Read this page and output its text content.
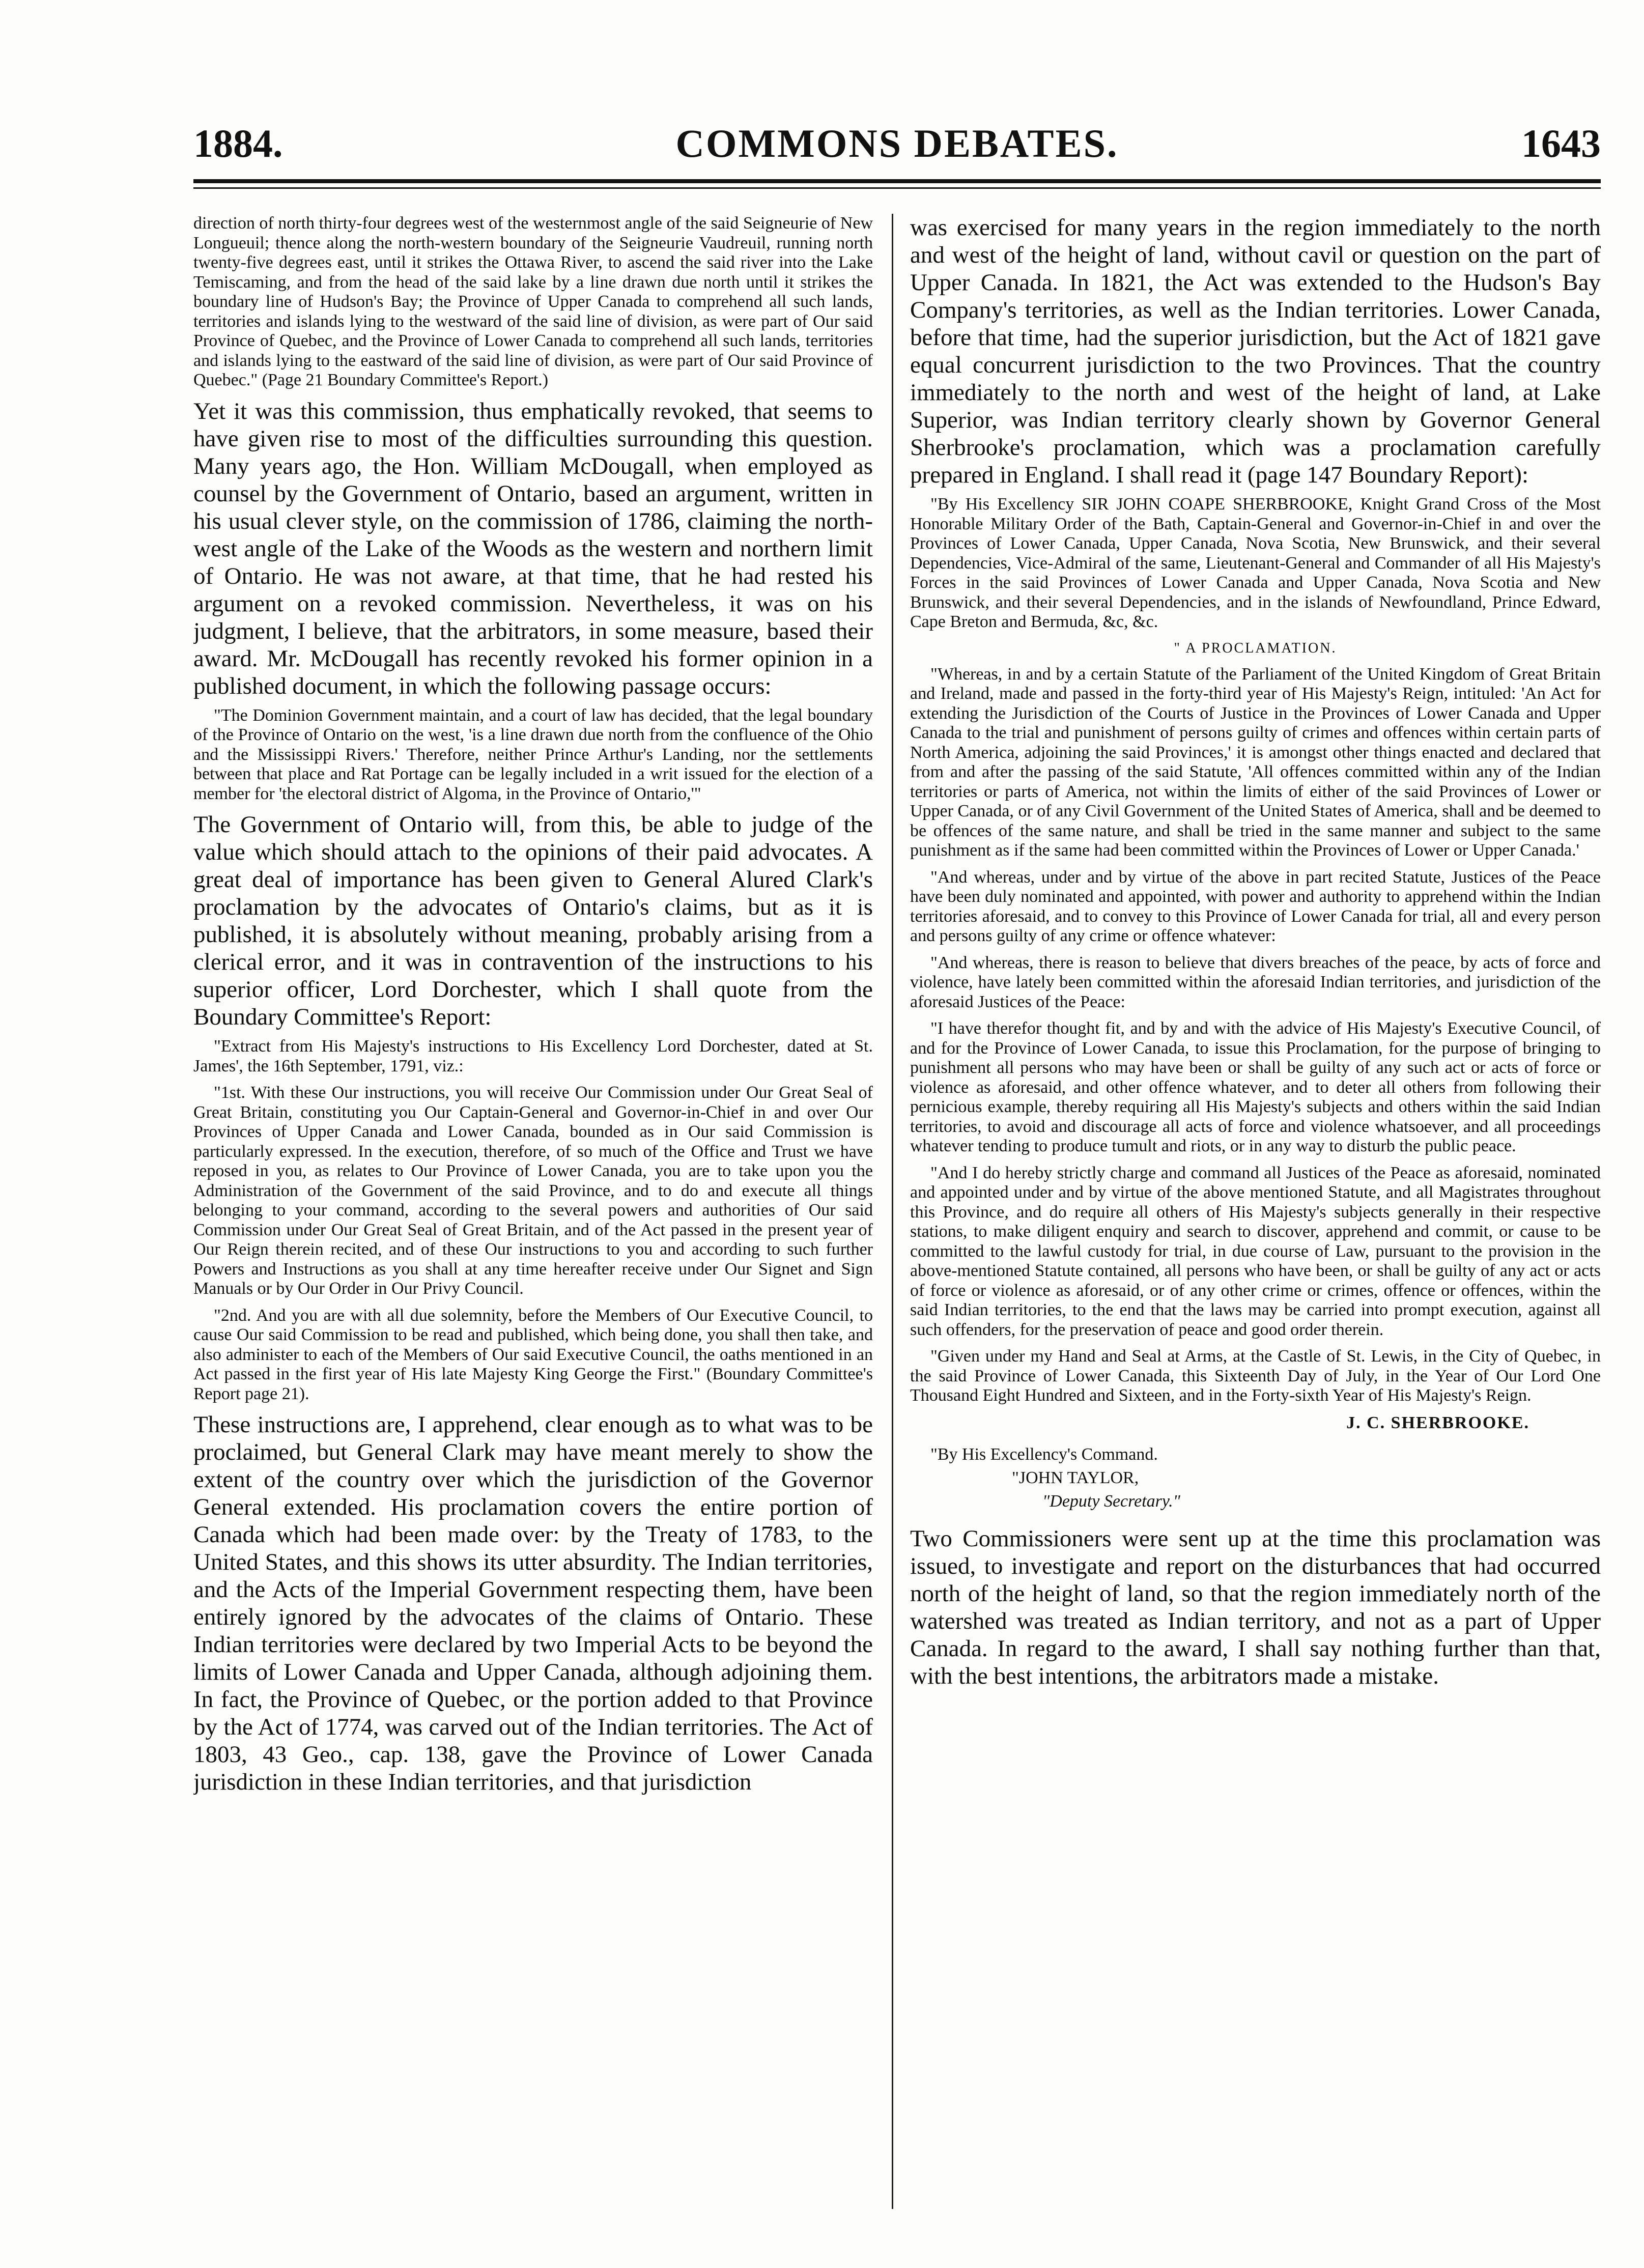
1884.	COMMONS DEBATES.	1643

direction of north thirty-four degrees west of the westernmost angle of the said Seigneurie of New Longueuil; thence along the north-western boundary of the Seigneurie Vaudreuil, running north twenty-five degrees east, until it strikes the Ottawa River, to ascend the said river into the Lake Temiscaming, and from the head of the said lake by a line drawn due north until it strikes the boundary line of Hudson's Bay; the Province of Upper Canada to comprehend all such lands, territories and islands lying to the westward of the said line of division, as were part of Our said Province of Quebec, and the Province of Lower Canada to comprehend all such lands, territories and islands lying to the eastward of the said line of division, as were part of Our said Province of Quebec." (Page 21 Boundary Committee's Report.)

Yet it was this commission, thus emphatically revoked, that seems to have given rise to most of the difficulties surrounding this question. Many years ago, the Hon. William McDougall, when employed as counsel by the Government of Ontario, based an argument, written in his usual clever style, on the commission of 1786, claiming the north-west angle of the Lake of the Woods as the western and northern limit of Ontario. He was not aware, at that time, that he had rested his argument on a revoked commission. Nevertheless, it was on his judgment, I believe, that the arbitrators, in some measure, based their award. Mr. McDougall has recently revoked his former opinion in a published document, in which the following passage occurs:

"The Dominion Government maintain, and a court of law has decided, that the legal boundary of the Province of Ontario on the west, 'is a line drawn due north from the confluence of the Ohio and the Mississippi Rivers.' Therefore, neither Prince Arthur's Landing, nor the settlements between that place and Rat Portage can be legally included in a writ issued for the election of a member for 'the electoral district of Algoma, in the Province of Ontario,'"

The Government of Ontario will, from this, be able to judge of the value which should attach to the opinions of their paid advocates. A great deal of importance has been given to General Alured Clark's proclamation by the advocates of Ontario's claims, but as it is published, it is absolutely without meaning, probably arising from a clerical error, and it was in contravention of the instructions to his superior officer, Lord Dorchester, which I shall quote from the Boundary Committee's Report:

"Extract from His Majesty's instructions to His Excellency Lord Dorchester, dated at St. James', the 16th September, 1791, viz.:

"1st. With these Our instructions, you will receive Our Commission under Our Great Seal of Great Britain, constituting you Our Captain-General and Governor-in-Chief in and over Our Provinces of Upper Canada and Lower Canada, bounded as in Our said Commission is particularly expressed. In the execution, therefore, of so much of the Office and Trust we have reposed in you, as relates to Our Province of Lower Canada, you are to take upon you the Administration of the Government of the said Province, and to do and execute all things belonging to your command, according to the several powers and authorities of Our said Commission under Our Great Seal of Great Britain, and of the Act passed in the present year of Our Reign therein recited, and of these Our instructions to you and according to such further Powers and Instructions as you shall at any time hereafter receive under Our Signet and Sign Manuals or by Our Order in Our Privy Council.

"2nd. And you are with all due solemnity, before the Members of Our Executive Council, to cause Our said Commission to be read and published, which being done, you shall then take, and also administer to each of the Members of Our said Executive Council, the oaths mentioned in an Act passed in the first year of His late Majesty King George the First." (Boundary Committee's Report page 21).

These instructions are, I apprehend, clear enough as to what was to be proclaimed, but General Clark may have meant merely to show the extent of the country over which the jurisdiction of the Governor General extended. His proclamation covers the entire portion of Canada which had been made over: by the Treaty of 1783, to the United States, and this shows its utter absurdity. The Indian territories, and the Acts of the Imperial Government respecting them, have been entirely ignored by the advocates of the claims of Ontario. These Indian territories were declared by two Imperial Acts to be beyond the limits of Lower Canada and Upper Canada, although adjoining them. In fact, the Province of Quebec, or the portion added to that Province by the Act of 1774, was carved out of the Indian territories. The Act of 1803, 43 Geo., cap. 138, gave the Province of Lower Canada jurisdiction in these Indian territories, and that jurisdiction

was exercised for many years in the region immediately to the north and west of the height of land, without cavil or question on the part of Upper Canada. In 1821, the Act was extended to the Hudson's Bay Company's territories, as well as the Indian territories. Lower Canada, before that time, had the superior jurisdiction, but the Act of 1821 gave equal concurrent jurisdiction to the two Provinces. That the country immediately to the north and west of the height of land, at Lake Superior, was Indian territory clearly shown by Governor General Sherbrooke's proclamation, which was a proclamation carefully prepared in England. I shall read it (page 147 Boundary Report):

"By His Excellency SIR JOHN COAPE SHERBROOKE, Knight Grand Cross of the Most Honorable Military Order of the Bath, Captain-General and Governor-in-Chief in and over the Provinces of Lower Canada, Upper Canada, Nova Scotia, New Brunswick, and their several Dependencies, Vice-Admiral of the same, Lieutenant-General and Commander of all His Majesty's Forces in the said Provinces of Lower Canada and Upper Canada, Nova Scotia and New Brunswick, and their several Dependencies, and in the islands of Newfoundland, Prince Edward, Cape Breton and Bermuda, &c, &c.

" A PROCLAMATION.

"Whereas, in and by a certain Statute of the Parliament of the United Kingdom of Great Britain and Ireland, made and passed in the forty-third year of His Majesty's Reign, intituled: 'An Act for extending the Jurisdiction of the Courts of Justice in the Provinces of Lower Canada and Upper Canada to the trial and punishment of persons guilty of crimes and offences within certain parts of North America, adjoining the said Provinces,' it is amongst other things enacted and declared that from and after the passing of the said Statute, 'All offences committed within any of the Indian territories or parts of America, not within the limits of either of the said Provinces of Lower or Upper Canada, or of any Civil Government of the United States of America, shall and be deemed to be offences of the same nature, and shall be tried in the same manner and subject to the same punishment as if the same had been committed within the Provinces of Lower or Upper Canada.'

"And whereas, under and by virtue of the above in part recited Statute, Justices of the Peace have been duly nominated and appointed, with power and authority to apprehend within the Indian territories aforesaid, and to convey to this Province of Lower Canada for trial, all and every person and persons guilty of any crime or offence whatever:

"And whereas, there is reason to believe that divers breaches of the peace, by acts of force and violence, have lately been committed within the aforesaid Indian territories, and jurisdiction of the aforesaid Justices of the Peace:

"I have therefor thought fit, and by and with the advice of His Majesty's Executive Council, of and for the Province of Lower Canada, to issue this Proclamation, for the purpose of bringing to punishment all persons who may have been or shall be guilty of any such act or acts of force or violence as aforesaid, and other offence whatever, and to deter all others from following their pernicious example, thereby requiring all His Majesty's subjects and others within the said Indian territories, to avoid and discourage all acts of force and violence whatsoever, and all proceedings whatever tending to produce tumult and riots, or in any way to disturb the public peace.

"And I do hereby strictly charge and command all Justices of the Peace as aforesaid, nominated and appointed under and by virtue of the above mentioned Statute, and all Magistrates throughout this Province, and do require all others of His Majesty's subjects generally in their respective stations, to make diligent enquiry and search to discover, apprehend and commit, or cause to be committed to the lawful custody for trial, in due course of Law, pursuant to the provision in the above-mentioned Statute contained, all persons who have been, or shall be guilty of any act or acts of force or violence as aforesaid, or of any other crime or crimes, offence or offences, within the said Indian territories, to the end that the laws may be carried into prompt execution, against all such offenders, for the preservation of peace and good order therein.

"Given under my Hand and Seal at Arms, at the Castle of St. Lewis, in the City of Quebec, in the said Province of Lower Canada, this Sixteenth Day of July, in the Year of Our Lord One Thousand Eight Hundred and Sixteen, and in the Forty-sixth Year of His Majesty's Reign.

J. C. SHERBROOKE.

"By His Excellency's Command.

"JOHN TAYLOR,

"Deputy Secretary."

Two Commissioners were sent up at the time this proclamation was issued, to investigate and report on the disturbances that had occurred north of the height of land, so that the region immediately north of the watershed was treated as Indian territory, and not as a part of Upper Canada. In regard to the award, I shall say nothing further than that, with the best intentions, the arbitrators made a mistake.
